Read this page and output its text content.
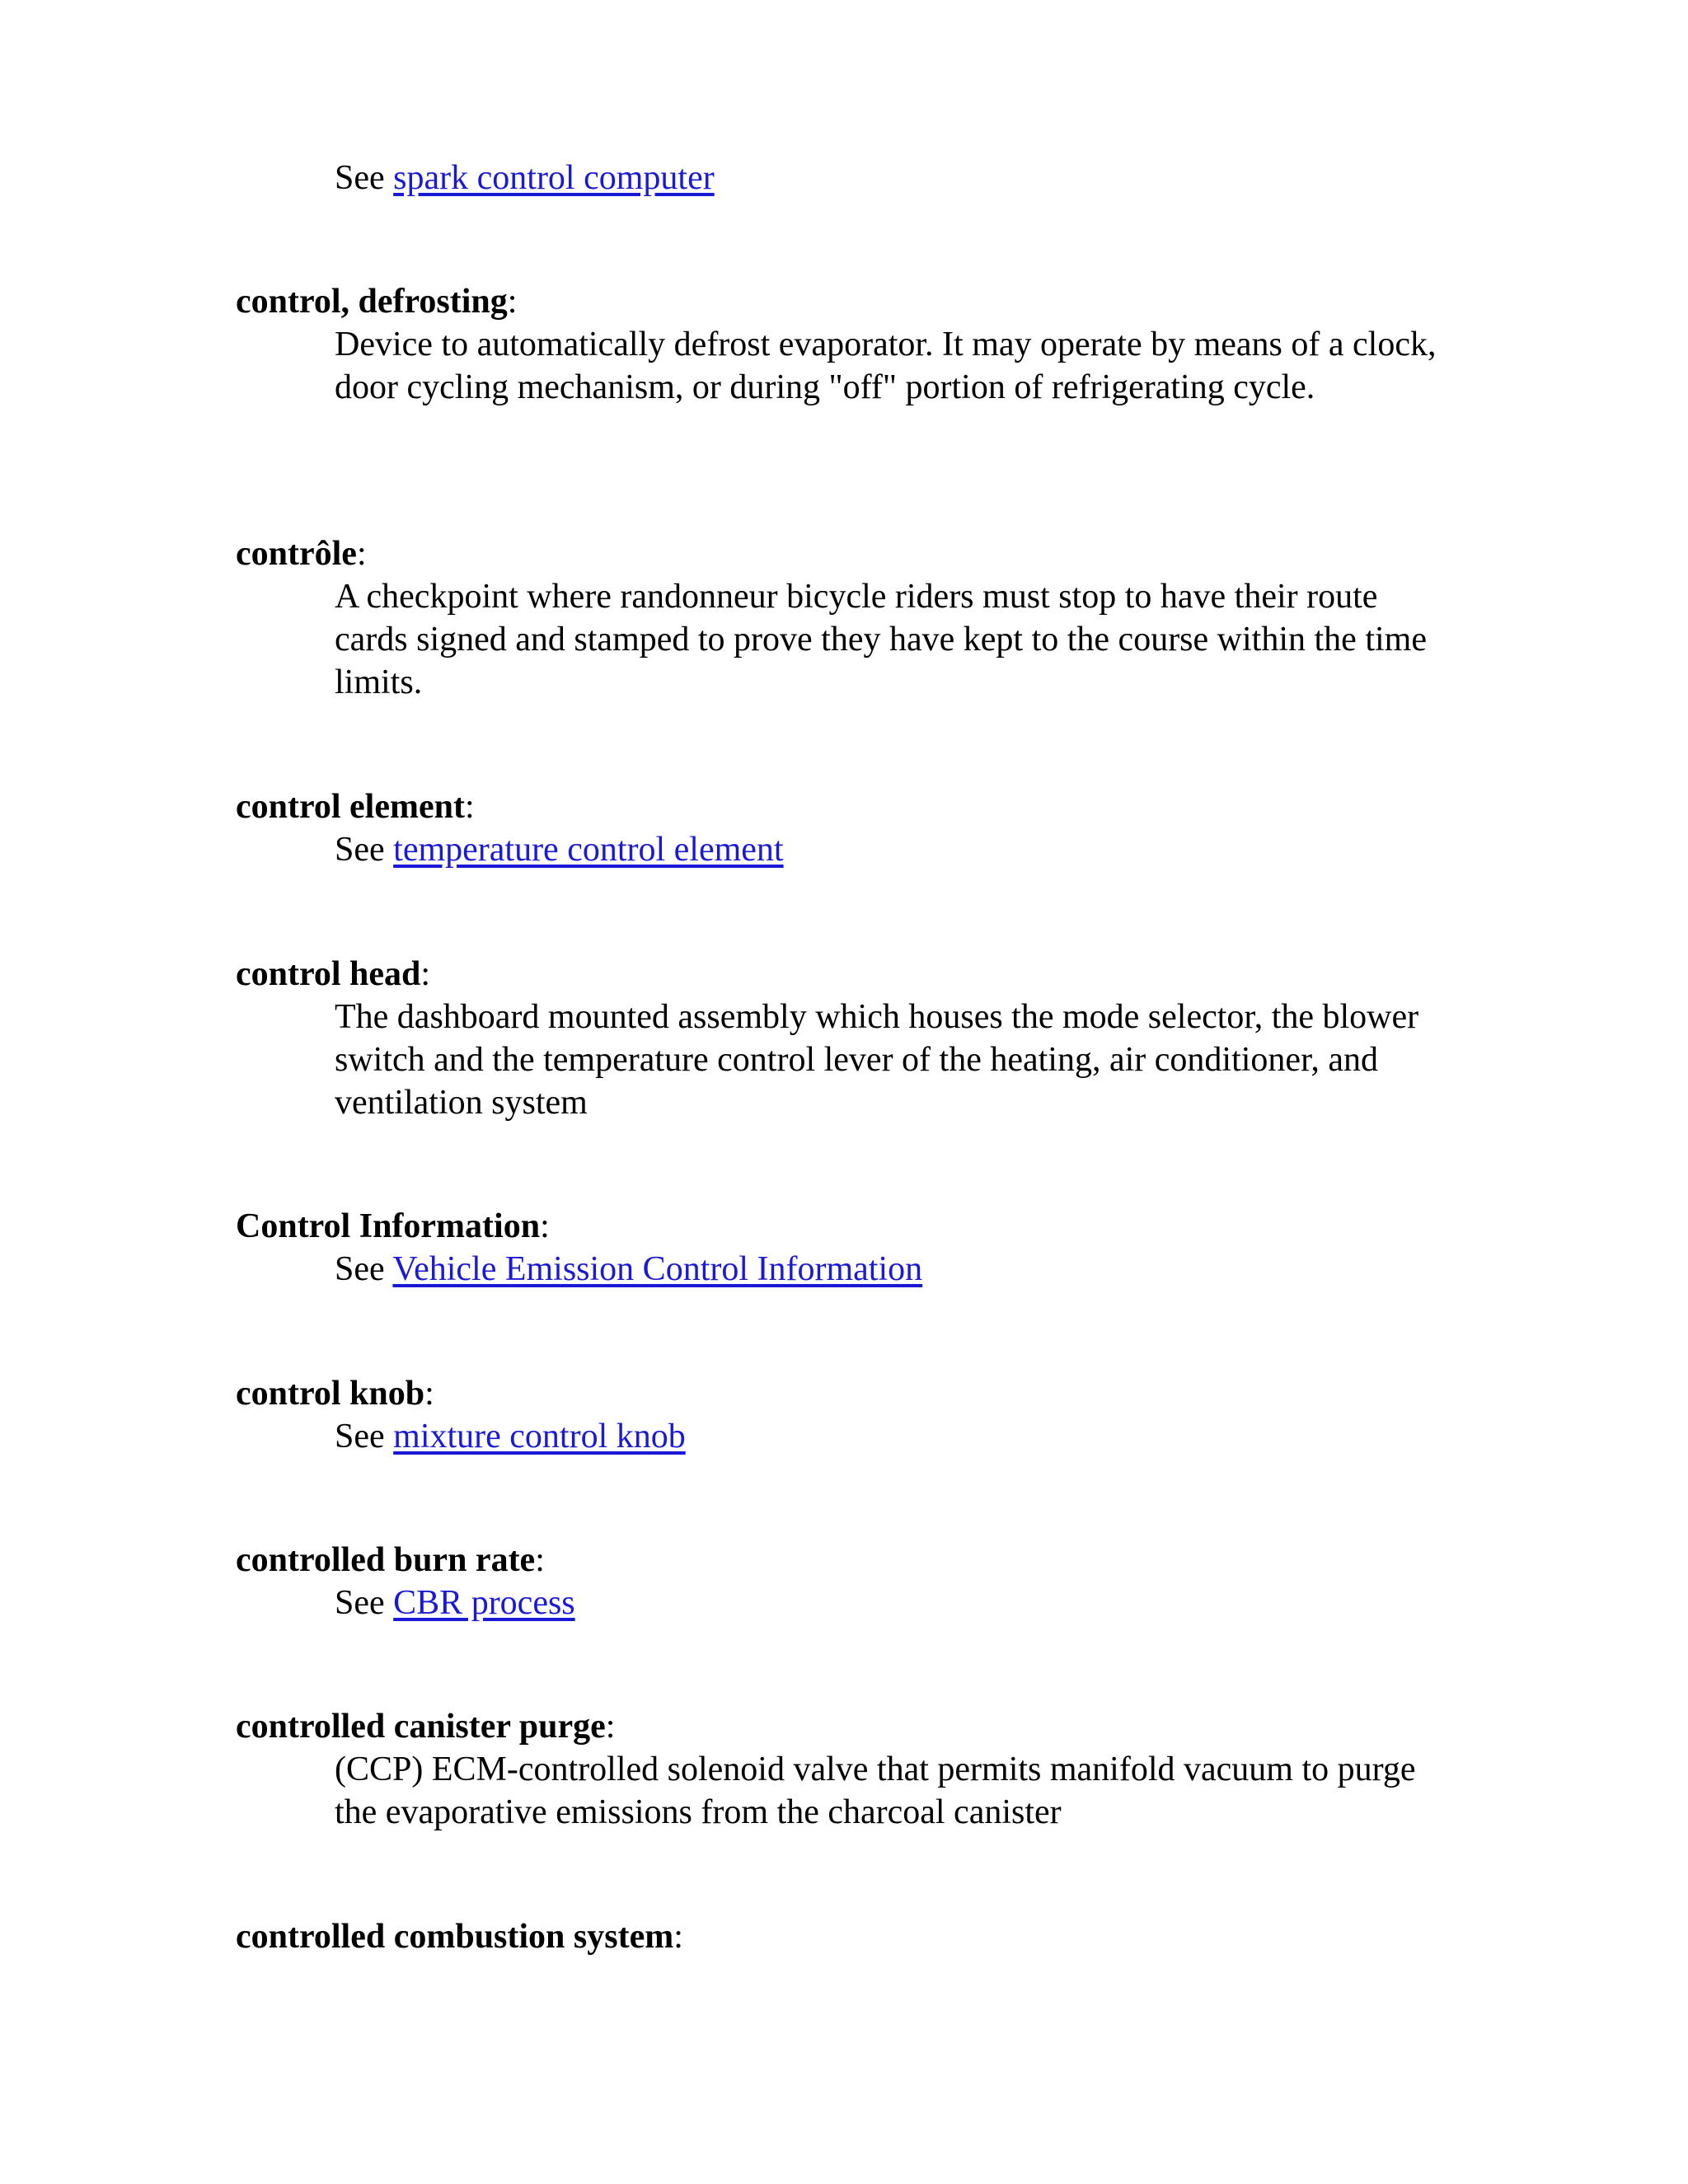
See spark control computer
control, defrosting:
Device to automatically defrost evaporator. It may operate by means of a clock, door cycling mechanism, or during "off" portion of refrigerating cycle.
contrôle:
A checkpoint where randonneur bicycle riders must stop to have their route cards signed and stamped to prove they have kept to the course within the time limits.
control element:
See temperature control element
control head:
The dashboard mounted assembly which houses the mode selector, the blower switch and the temperature control lever of the heating, air conditioner, and ventilation system
Control Information:
See Vehicle Emission Control Information
control knob:
See mixture control knob
controlled burn rate:
See CBR process
controlled canister purge:
(CCP) ECM-controlled solenoid valve that permits manifold vacuum to purge the evaporative emissions from the charcoal canister
controlled combustion system:
